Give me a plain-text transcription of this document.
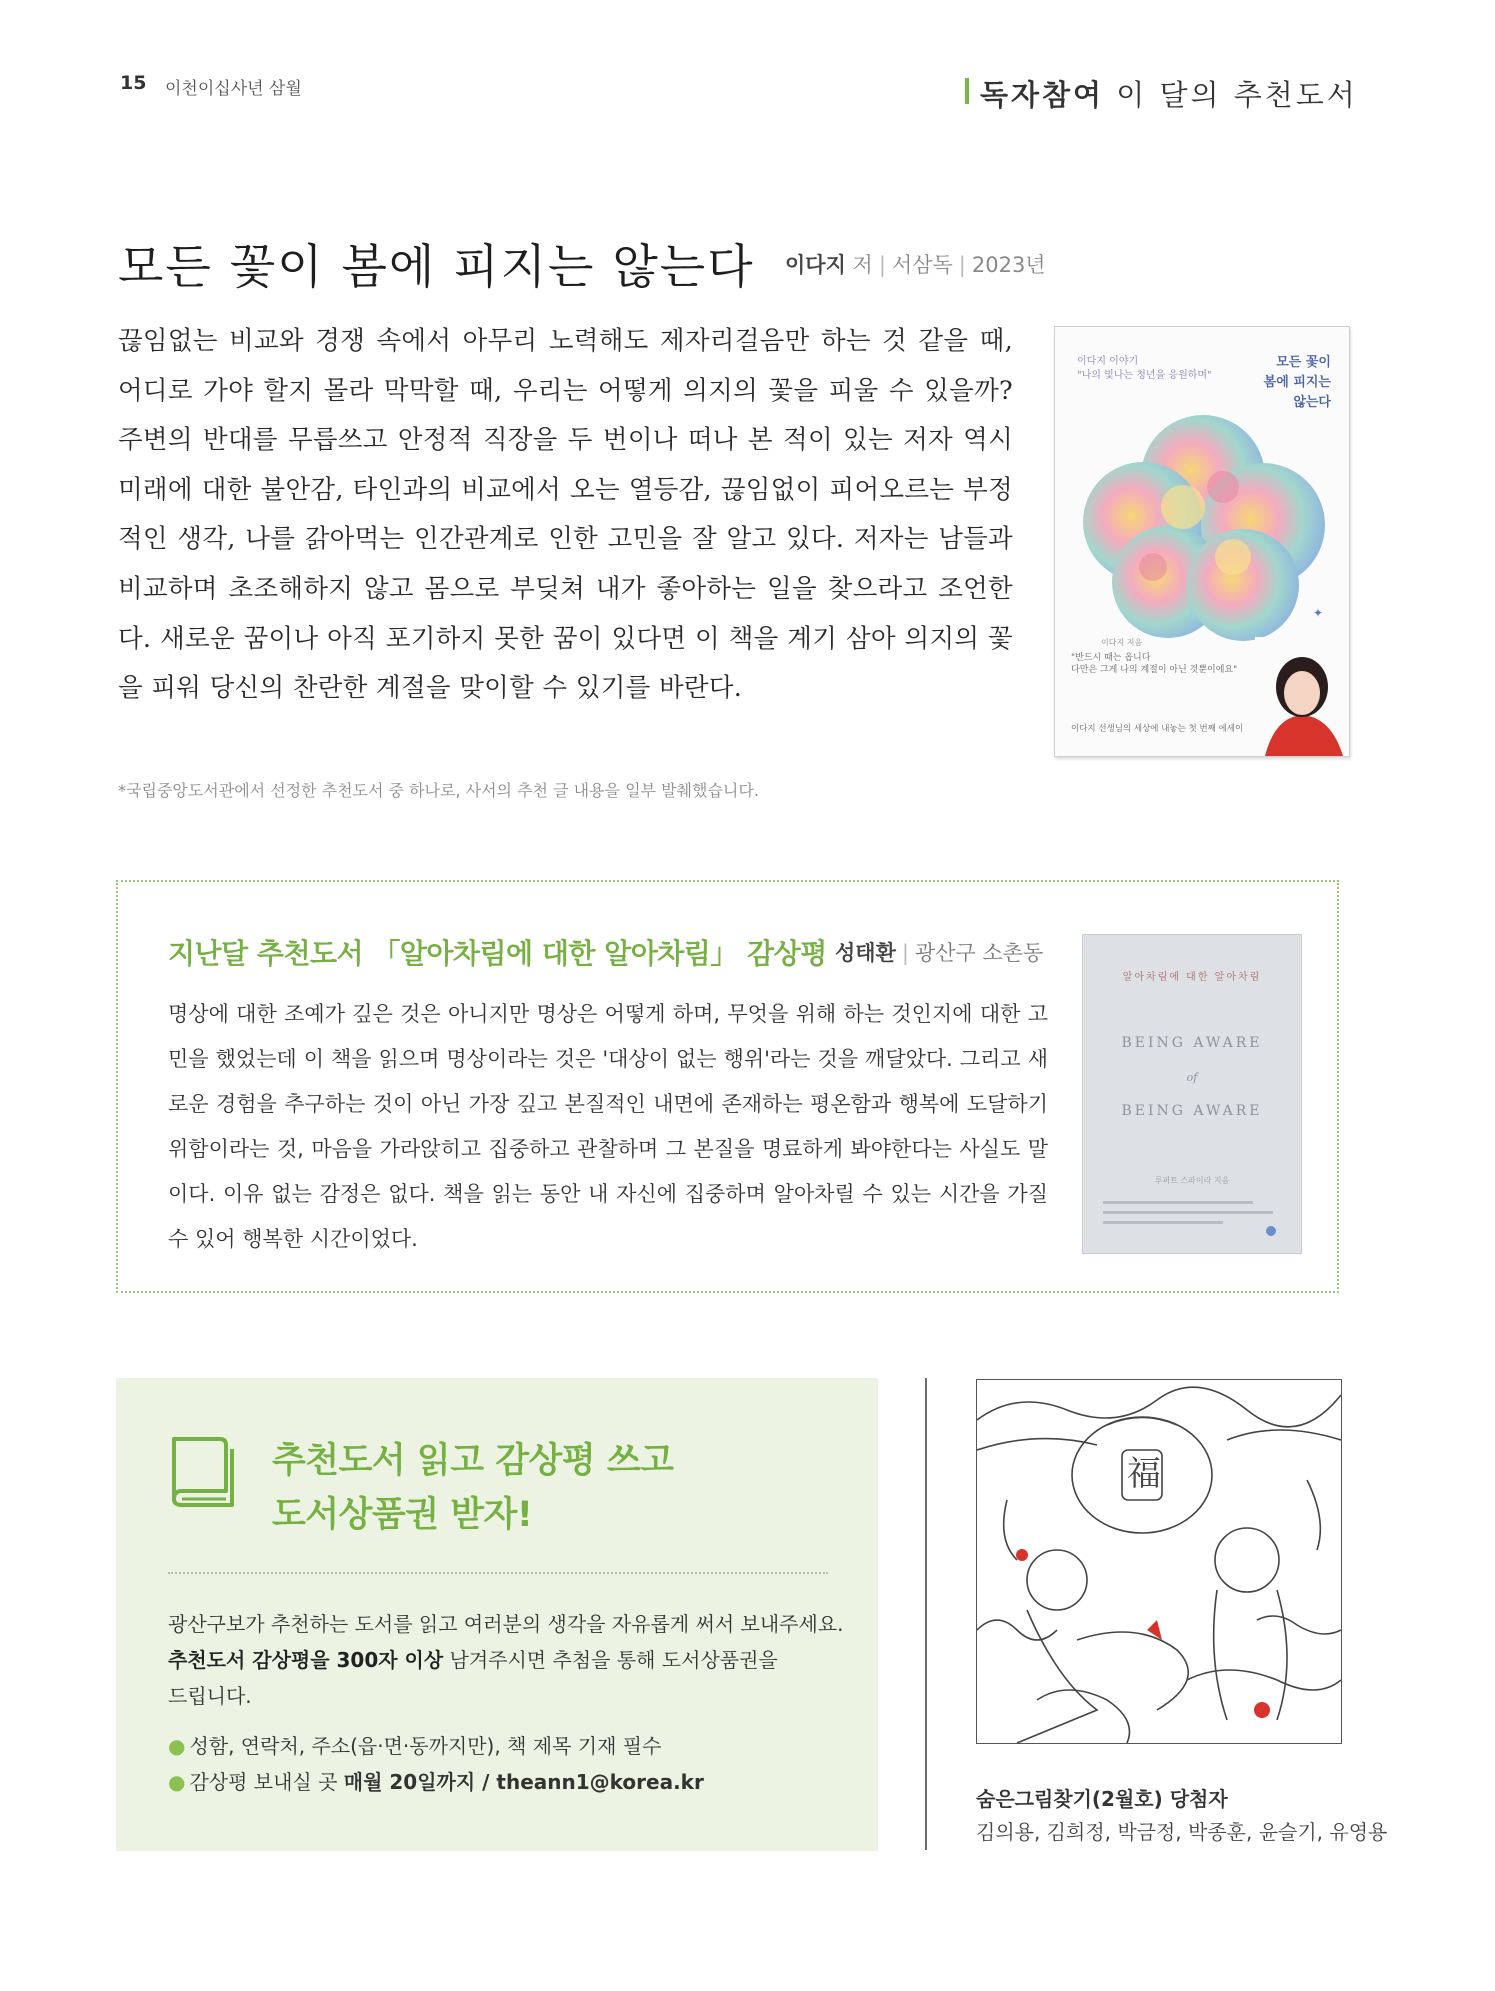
15 이천이십사년 삼월	독자참여 이 달의 추천도서
모든 꽃이 봄에 피지는 않는다 이다지 저 | 서삼독 | 2023년
끊임없는 비교와 경쟁 속에서 아무리 노력해도 제자리걸음만 하는 것 같을 때, 어디로 가야 할지 몰라 막막할 때, 우리는 어떻게 의지의 꽃을 피울 수 있을까? 주변의 반대를 무릅쓰고 안정적 직장을 두 번이나 떠나 본 적이 있는 저자 역시 미래에 대한 불안감, 타인과의 비교에서 오는 열등감, 끊임없이 피어오르는 부정적인 생각, 나를 갉아먹는 인간관계로 인한 고민을 잘 알고 있다. 저자는 남들과 비교하며 초조해하지 않고 몸으로 부딪쳐 내가 좋아하는 일을 찾으라고 조언한다. 새로운 꿈이나 아직 포기하지 못한 꿈이 있다면 이 책을 계기 삼아 의지의 꽃을 피워 당신의 찬란한 계절을 맞이할 수 있기를 바란다.
*국립중앙도서관에서 선정한 추천도서 중 하나로, 사서의 추천 글 내용을 일부 발췌했습니다.
이다지 이야기
"나의 빛나는 청년을 응원하며"
모든 꽃이
봄에 피지는
않는다
이다지 지음
✦
"반드시 때는 옵니다
다만은 그게 나의 계절이 아닌 것뿐이에요"
이다지 선생님의 세상에 내놓는 첫 번째 에세이
지난달 추천도서 「알아차림에 대한 알아차림」 감상평 성태환 | 광산구 소촌동
명상에 대한 조예가 깊은 것은 아니지만 명상은 어떻게 하며, 무엇을 위해 하는 것인지에 대한 고민을 했었는데 이 책을 읽으며 명상이라는 것은 '대상이 없는 행위'라는 것을 깨달았다. 그리고 새로운 경험을 추구하는 것이 아닌 가장 깊고 본질적인 내면에 존재하는 평온함과 행복에 도달하기 위함이라는 것, 마음을 가라앉히고 집중하고 관찰하며 그 본질을 명료하게 봐야한다는 사실도 말이다. 이유 없는 감정은 없다. 책을 읽는 동안 내 자신에 집중하며 알아차릴 수 있는 시간을 가질 수 있어 행복한 시간이었다.
알아차림에 대한 알아차림
BEING AWARE
of
BEING AWARE
루퍼트 스파이라 지음
추천도서 읽고 감상평 쓰고
도서상품권 받자!
광산구보가 추천하는 도서를 읽고 여러분의 생각을 자유롭게 써서 보내주세요.
추천도서 감상평을 300자 이상 남겨주시면 추첨을 통해 도서상품권을
드립니다.
● 성함, 연락처, 주소(읍·면·동까지만), 책 제목 기재 필수
● 감상평 보내실 곳 매월 20일까지 / theann1@korea.kr
福
숨은그림찾기(2월호) 당첨자
김의용, 김희정, 박금정, 박종훈, 윤슬기, 유영용
